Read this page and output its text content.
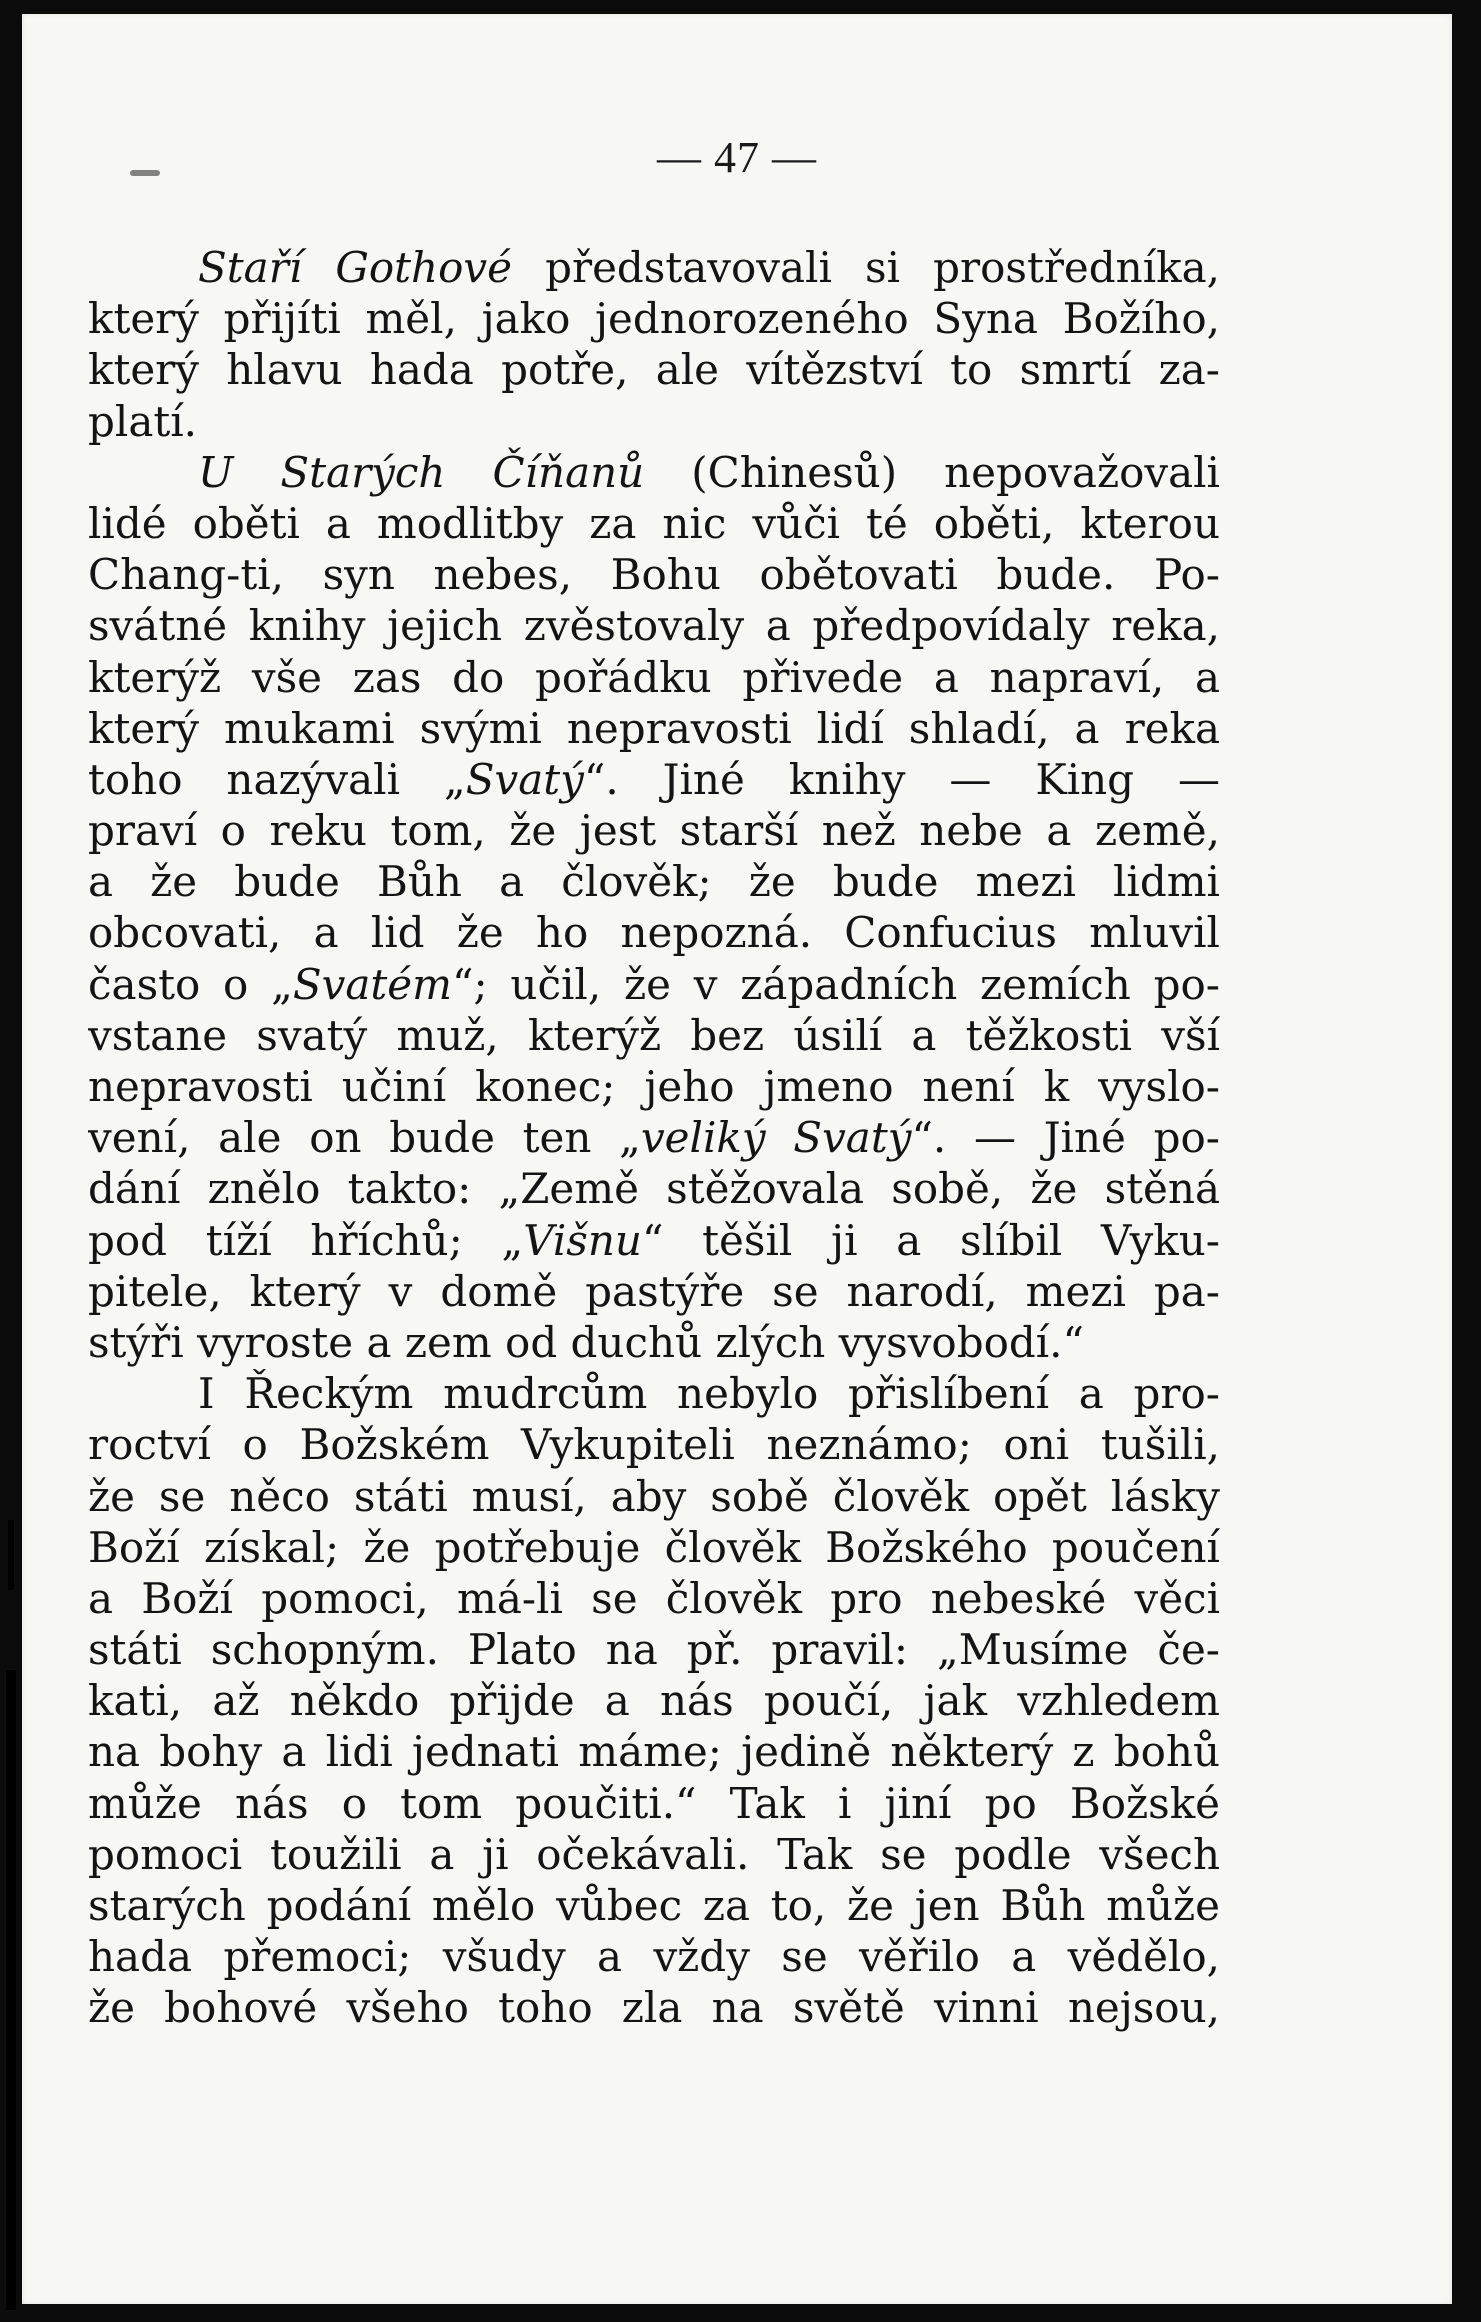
— 47 —
Staří Gothové představovali si prostředníka,
který přijíti měl, jako jednorozeného Syna Božího,
který hlavu hada potře, ale vítězství to smrtí za-
platí.
U Starých Číňanů (Chinesů) nepovažovali
lidé oběti a modlitby za nic vůči té oběti, kterou
Chang-ti, syn nebes, Bohu obětovati bude. Po-
svátné knihy jejich zvěstovaly a předpovídaly reka,
kterýž vše zas do pořádku přivede a napraví, a
který mukami svými nepravosti lidí shladí, a reka
toho nazývali „Svatý“. Jiné knihy — King —
praví o reku tom, že jest starší než nebe a země,
a že bude Bůh a člověk; že bude mezi lidmi
obcovati, a lid že ho nepozná. Confucius mluvil
často o „Svatém“; učil, že v západních zemích po-
vstane svatý muž, kterýž bez úsilí a těžkosti vší
nepravosti učiní konec; jeho jmeno není k vyslo-
vení, ale on bude ten „veliký Svatý“. — Jiné po-
dání znělo takto: „Země stěžovala sobě, že stěná
pod tíží hříchů; „Višnu“ těšil ji a slíbil Vyku-
pitele, který v domě pastýře se narodí, mezi pa-
stýři vyroste a zem od duchů zlých vysvobodí.“
I Řeckým mudrcům nebylo přislíbení a pro-
roctví o Božském Vykupiteli neznámo; oni tušili,
že se něco státi musí, aby sobě člověk opět lásky
Boží získal; že potřebuje člověk Božského poučení
a Boží pomoci, má-li se člověk pro nebeské věci
státi schopným. Plato na př. pravil: „Musíme če-
kati, až někdo přijde a nás poučí, jak vzhledem
na bohy a lidi jednati máme; jedině některý z bohů
může nás o tom poučiti.“ Tak i jiní po Božské
pomoci toužili a ji očekávali. Tak se podle všech
starých podání mělo vůbec za to, že jen Bůh může
hada přemoci; všudy a vždy se věřilo a vědělo,
že bohové všeho toho zla na světě vinni nejsou,
